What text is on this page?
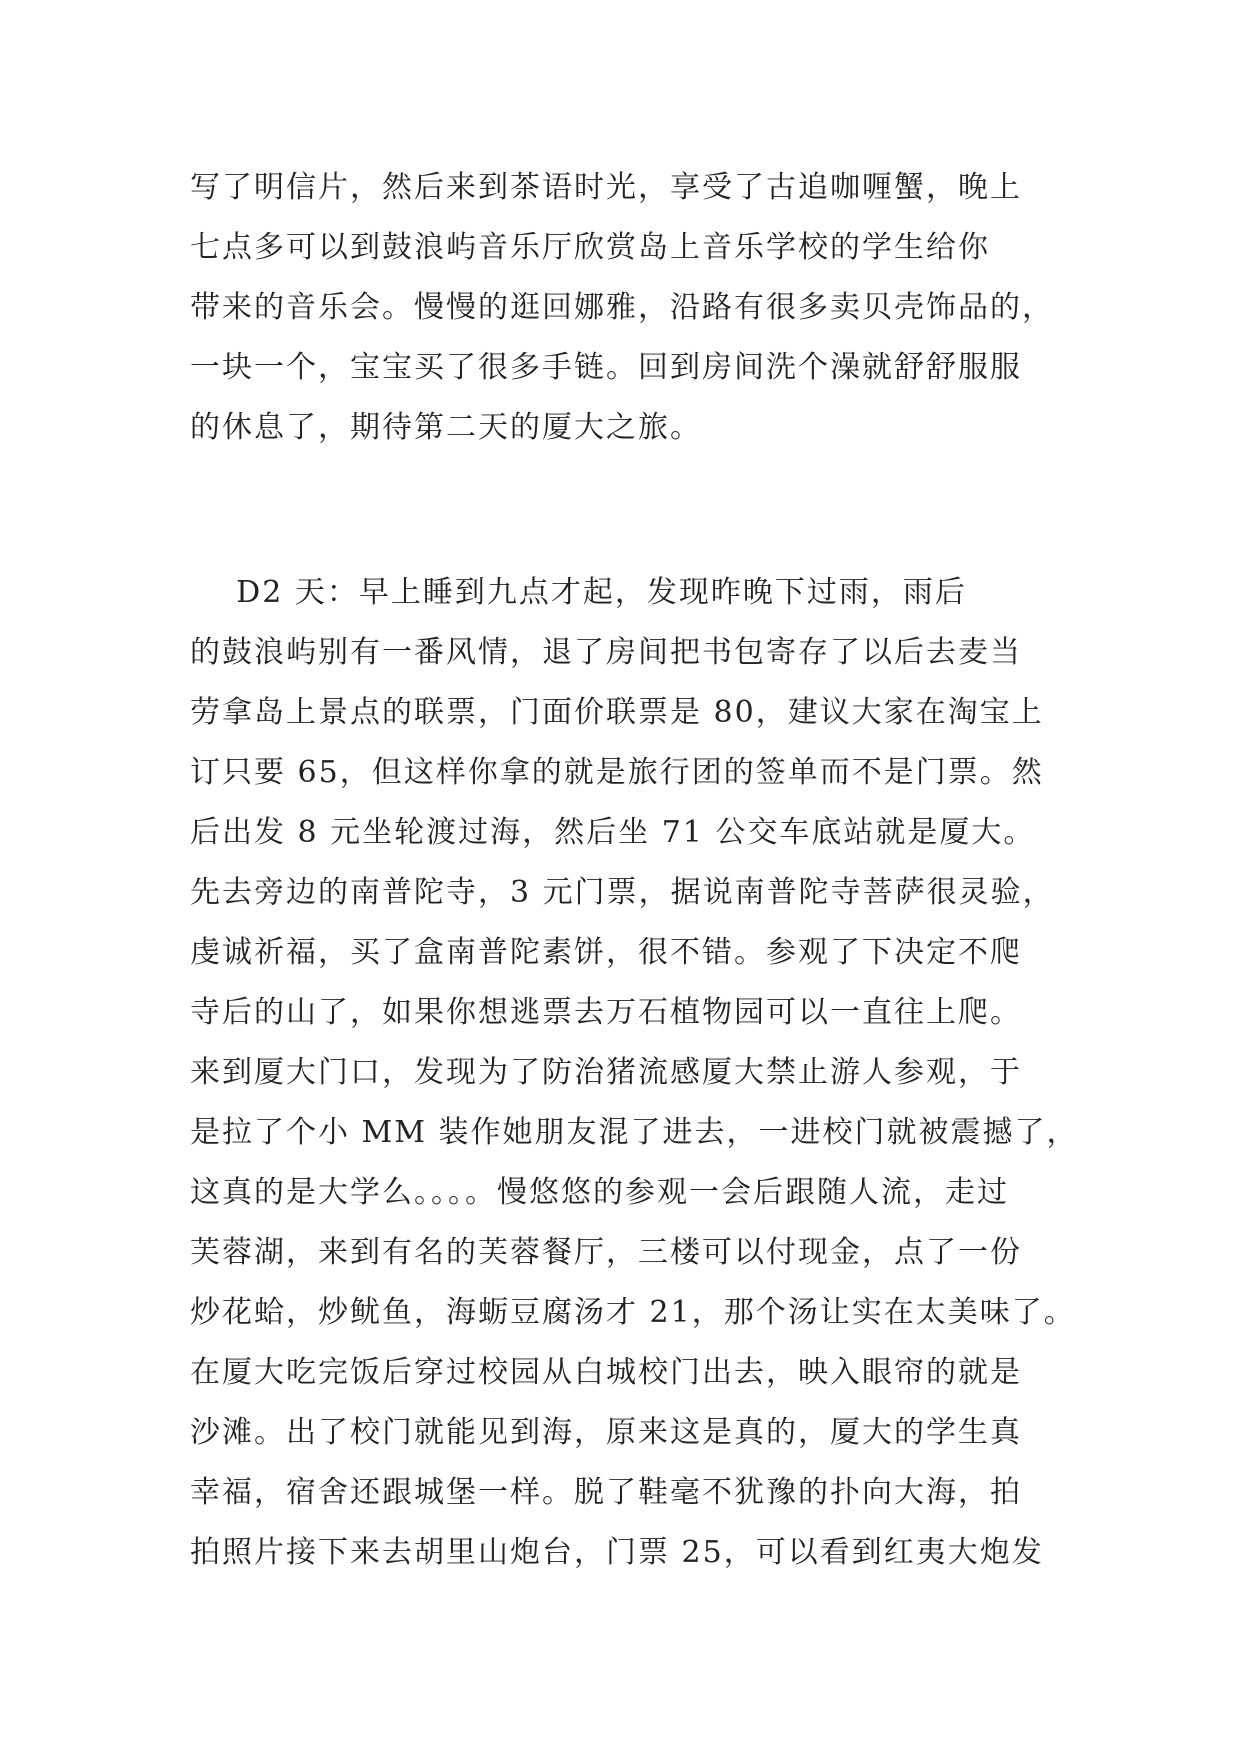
写了明信片，然后来到茶语时光，享受了古追咖喱蟹，晚上
七点多可以到鼓浪屿音乐厅欣赏岛上音乐学校的学生给你
带来的音乐会。慢慢的逛回娜雅，沿路有很多卖贝壳饰品的，
一块一个，宝宝买了很多手链。回到房间洗个澡就舒舒服服
的休息了，期待第二天的厦大之旅。
D2 天：早上睡到九点才起，发现昨晚下过雨，雨后
的鼓浪屿别有一番风情，退了房间把书包寄存了以后去麦当
劳拿岛上景点的联票，门面价联票是 80，建议大家在淘宝上
订只要 65，但这样你拿的就是旅行团的签单而不是门票。然
后出发 8 元坐轮渡过海，然后坐 71 公交车底站就是厦大。
先去旁边的南普陀寺，3 元门票，据说南普陀寺菩萨很灵验，
虔诚祈福，买了盒南普陀素饼，很不错。参观了下决定不爬
寺后的山了，如果你想逃票去万石植物园可以一直往上爬。
来到厦大门口，发现为了防治猪流感厦大禁止游人参观，于
是拉了个小 MM 装作她朋友混了进去，一进校门就被震撼了，
这真的是大学么。。。。慢悠悠的参观一会后跟随人流，走过
芙蓉湖，来到有名的芙蓉餐厅，三楼可以付现金，点了一份
炒花蛤，炒鱿鱼，海蛎豆腐汤才 21，那个汤让实在太美味了。
在厦大吃完饭后穿过校园从白城校门出去，映入眼帘的就是
沙滩。出了校门就能见到海，原来这是真的，厦大的学生真
幸福，宿舍还跟城堡一样。脱了鞋毫不犹豫的扑向大海，拍
拍照片接下来去胡里山炮台，门票 25，可以看到红夷大炮发
